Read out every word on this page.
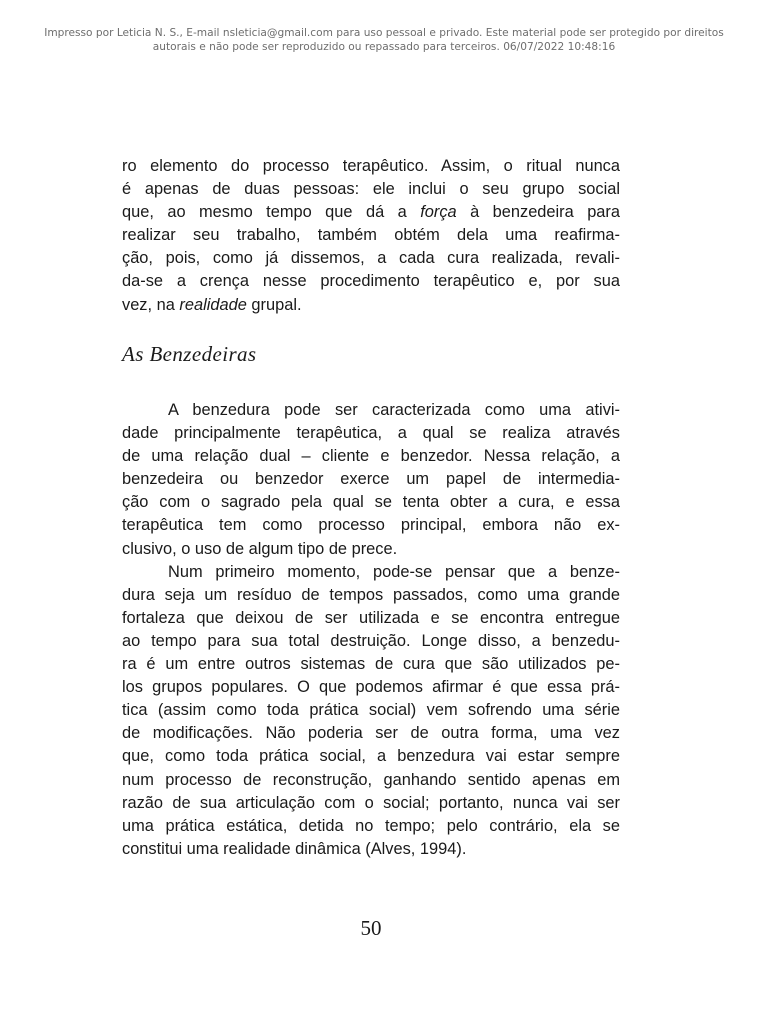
Impresso por Leticia N. S., E-mail nsleticia@gmail.com para uso pessoal e privado. Este material pode ser protegido por direitos
autorais e não pode ser reproduzido ou repassado para terceiros. 06/07/2022 10:48:16
ro elemento do processo terapêutico. Assim, o ritual nunca
é apenas de duas pessoas: ele inclui o seu grupo social
que, ao mesmo tempo que dá a força à benzedeira para
realizar seu trabalho, também obtém dela uma reafirma-
ção, pois, como já dissemos, a cada cura realizada, revali-
da-se a crença nesse procedimento terapêutico e, por sua
vez, na realidade grupal.
As Benzedeiras
A benzedura pode ser caracterizada como uma ativi-
dade principalmente terapêutica, a qual se realiza através
de uma relação dual – cliente e benzedor. Nessa relação, a
benzedeira ou benzedor exerce um papel de intermedia-
ção com o sagrado pela qual se tenta obter a cura, e essa
terapêutica tem como processo principal, embora não ex-
clusivo, o uso de algum tipo de prece.
Num primeiro momento, pode-se pensar que a benze-
dura seja um resíduo de tempos passados, como uma grande
fortaleza que deixou de ser utilizada e se encontra entregue
ao tempo para sua total destruição. Longe disso, a benzedu-
ra é um entre outros sistemas de cura que são utilizados pe-
los grupos populares. O que podemos afirmar é que essa prá-
tica (assim como toda prática social) vem sofrendo uma série
de modificações. Não poderia ser de outra forma, uma vez
que, como toda prática social, a benzedura vai estar sempre
num processo de reconstrução, ganhando sentido apenas em
razão de sua articulação com o social; portanto, nunca vai ser
uma prática estática, detida no tempo; pelo contrário, ela se
constitui uma realidade dinâmica (Alves, 1994).
50
